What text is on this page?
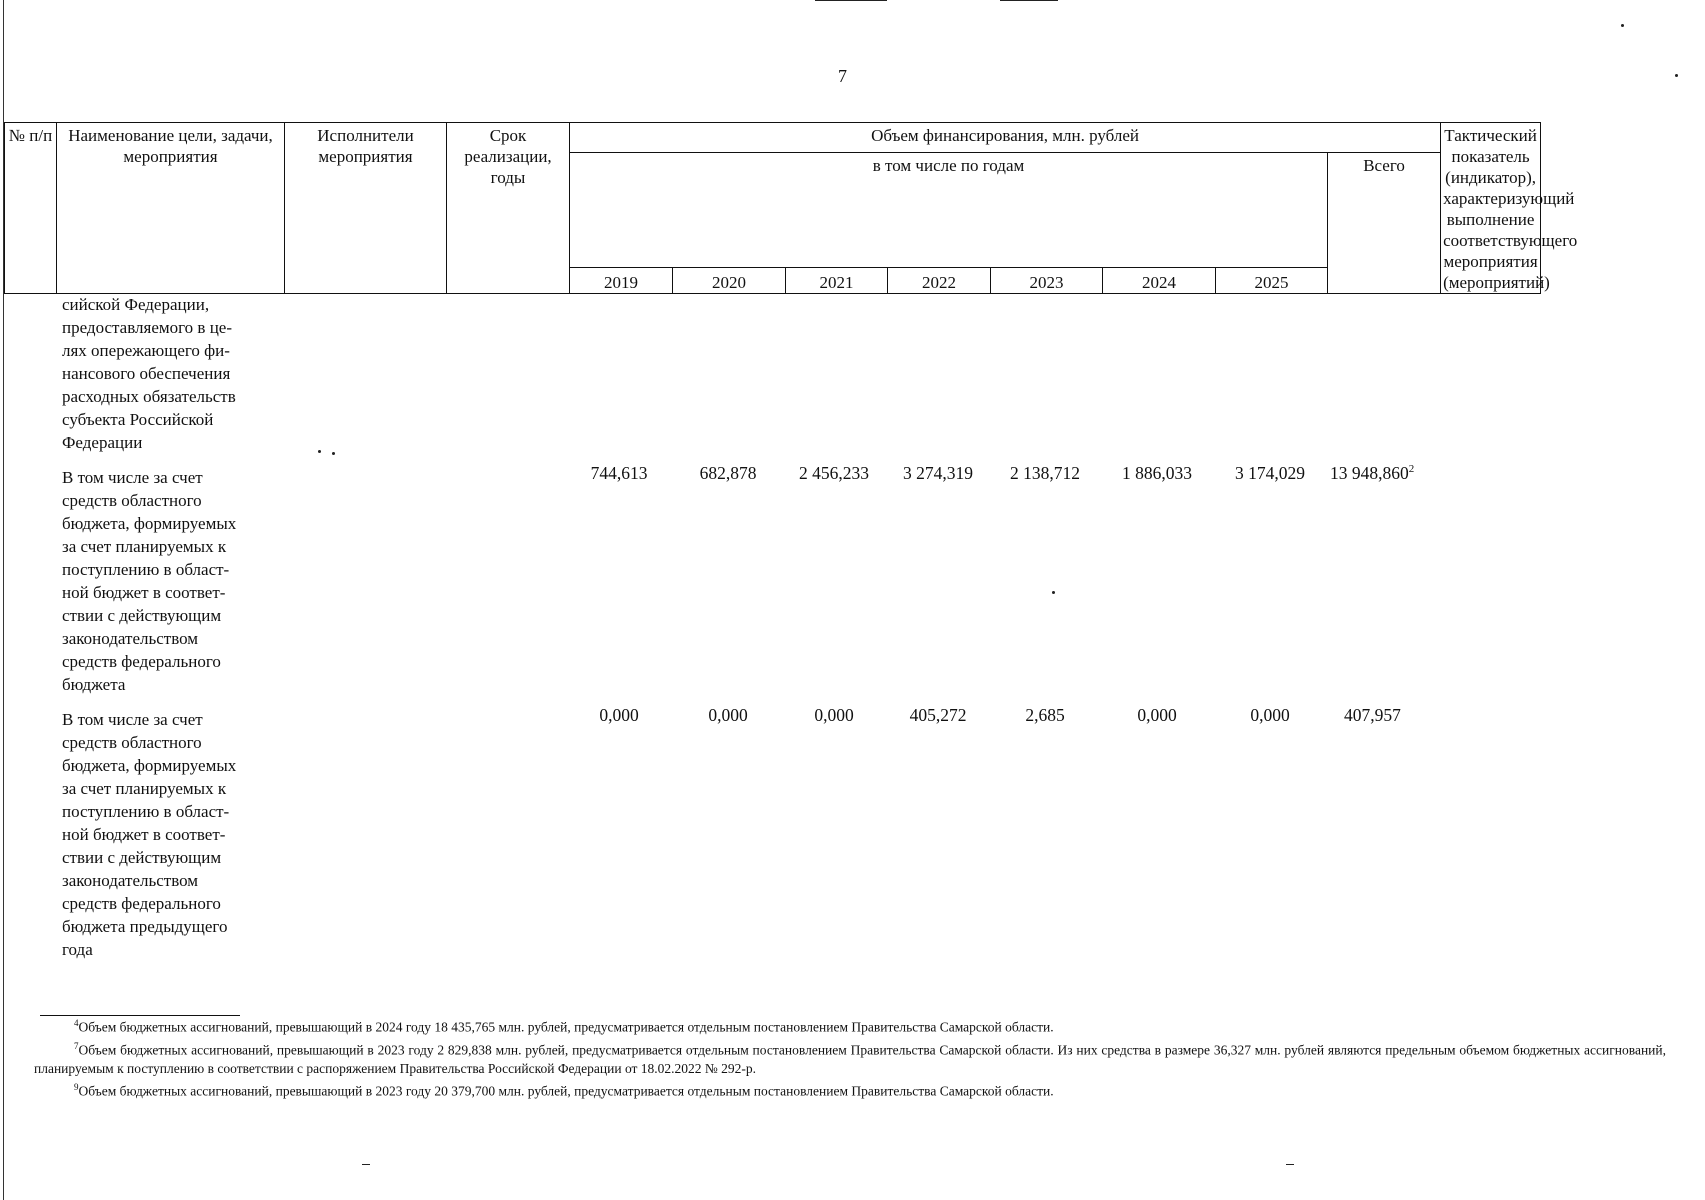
7
№ п/п	Наименование цели, задачи, мероприятия	Исполнители мероприятия	Срок реализации, годы	Объем финансирования, млн. рублей								Тактический показатель (индикатор), характеризующий выполнение соответствующего мероприятия (мероприятий)
				в том числе по годам							Всего	
				2019	2020	2021	2022	2023	2024	2025		
сийской Федерации,
предоставляемого в це-
лях опережающего фи-
нансового обеспечения
расходных обязательств
субъекта Российской
Федерации
В том числе за счет
средств областного
бюджета, формируемых
за счет планируемых к
поступлению в област-
ной бюджет в соответ-
ствии с действующим
законодательством
средств федерального
бюджета
744,613	682,878	2 456,233	3 274,319	2 138,712	1 886,033	3 174,029	13 948,860$^2$
В том числе за счет
средств областного
бюджета, формируемых
за счет планируемых к
поступлению в област-
ной бюджет в соответ-
ствии с действующим
законодательством
средств федерального
бюджета предыдущего
года
0,000	0,000	0,000	405,272	2,685	0,000	0,000	407,957

$^4$Объем бюджетных ассигнований, превышающий в 2024 году 18 435,765 млн. рублей, предусматривается отдельным постановлением Правительства Самарской области.

$^7$Объем бюджетных ассигнований, превышающий в 2023 году 2 829,838 млн. рублей, предусматривается отдельным постановлением Правительства Самарской области. Из них средства в размере 36,327 млн. рублей являются предельным объемом бюджетных ассигнований, планируемым к поступлению в соответствии с распоряжением Правительства Российской Федерации от 18.02.2022 № 292-р.

$^9$Объем бюджетных ассигнований, превышающий в 2023 году 20 379,700 млн. рублей, предусматривается отдельным постановлением Правительства Самарской области.
